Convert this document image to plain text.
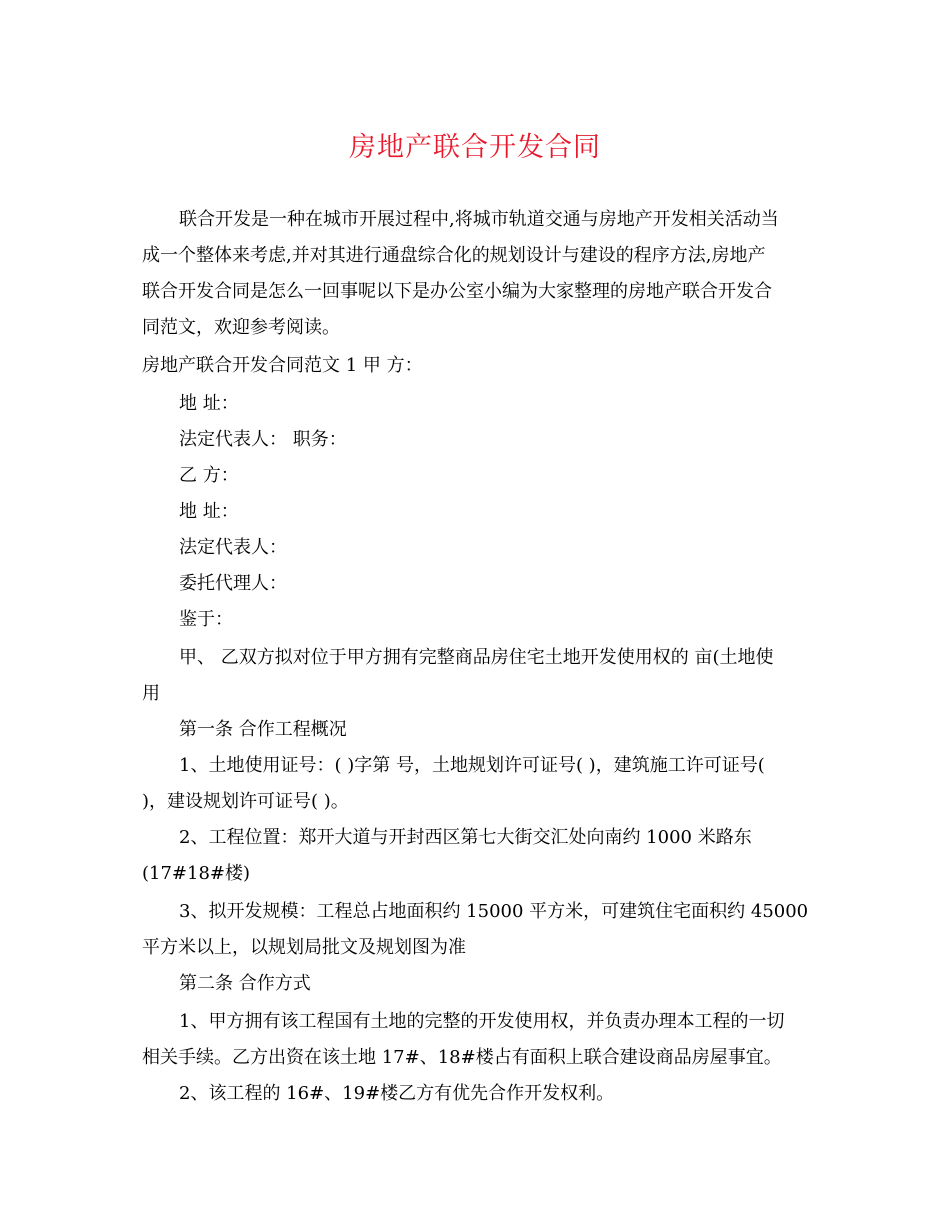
房地产联合开发合同
联合开发是一种在城市开展过程中,将城市轨道交通与房地产开发相关活动当
成一个整体来考虑,并对其进行通盘综合化的规划设计与建设的程序方法,房地产
联合开发合同是怎么一回事呢以下是办公室小编为大家整理的房地产联合开发合
同范文，欢迎参考阅读。
房地产联合开发合同范文 1 甲 方：
地 址：
法定代表人： 职务：
乙 方：
地 址：
法定代表人：
委托代理人：
鉴于：
甲、 乙双方拟对位于甲方拥有完整商品房住宅土地开发使用权的 亩(土地使
用
第一条 合作工程概况
1、土地使用证号：( )字第 号，土地规划许可证号( )，建筑施工许可证号(
)，建设规划许可证号( )。
2、工程位置：郑开大道与开封西区第七大街交汇处向南约 1000 米路东
(17#18#楼)
3、拟开发规模：工程总占地面积约 15000 平方米，可建筑住宅面积约 45000
平方米以上，以规划局批文及规划图为准
第二条 合作方式
1、甲方拥有该工程国有土地的完整的开发使用权，并负责办理本工程的一切
相关手续。乙方出资在该土地 17#、18#楼占有面积上联合建设商品房屋事宜。
2、该工程的 16#、19#楼乙方有优先合作开发权利。
